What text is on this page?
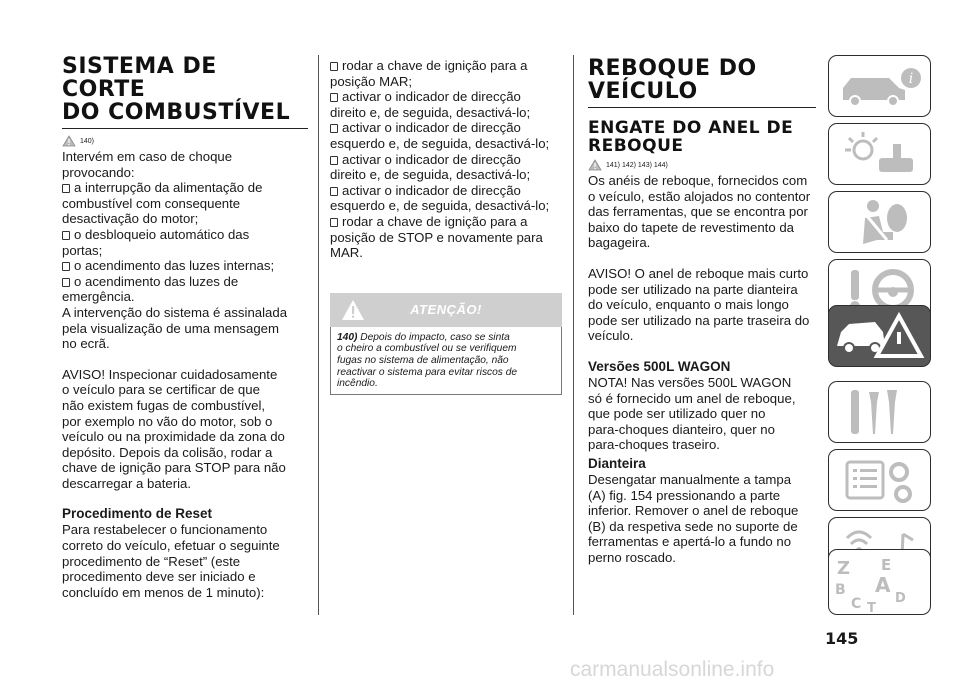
SISTEMA DE CORTE
DO COMBUSTÍVEL
140)

Intervém em caso de choque
provocando:

a interrupção da alimentação de
combustível com consequente
desactivação do motor;
o desbloqueio automático das
portas;
o acendimento das luzes internas;
o acendimento das luzes de
emergência.

A intervenção do sistema é assinalada
pela visualização de uma mensagem
no ecrã.

AVISO! Inspecionar cuidadosamente
o veículo para se certificar de que
não existem fugas de combustível,
por exemplo no vão do motor, sob o
veículo ou na proximidade da zona do
depósito. Depois da colisão, rodar a
chave de ignição para STOP para não
descarregar a bateria.

Procedimento de Reset

Para restabelecer o funcionamento
correto do veículo, efetuar o seguinte
procedimento de “Reset” (este
procedimento deve ser iniciado e
concluído em menos de 1 minuto):

rodar a chave de ignição para a
posição MAR;
activar o indicador de direcção
direito e, de seguida, desactivá-lo;
activar o indicador de direcção
esquerdo e, de seguida, desactivá-lo;
activar o indicador de direcção
direito e, de seguida, desactivá-lo;
activar o indicador de direcção
esquerdo e, de seguida, desactivá-lo;
rodar a chave de ignição para a
posição de STOP e novamente para
MAR.
ATENÇÃO!
140) Depois do impacto, caso se sinta
o cheiro a combustível ou se verifiquem
fugas no sistema de alimentação, não
reactivar o sistema para evitar riscos de
incêndio.
REBOQUE DO
VEÍCULO
ENGATE DO ANEL DE
REBOQUE
141) 142) 143) 144)

Os anéis de reboque, fornecidos com
o veículo, estão alojados no contentor
das ferramentas, que se encontra por
baixo do tapete de revestimento da
bagageira.

AVISO! O anel de reboque mais curto
pode ser utilizado na parte dianteira
do veículo, enquanto o mais longo
pode ser utilizado na parte traseira do
veículo.

Versões 500L WAGON

NOTA! Nas versões 500L WAGON
só é fornecido um anel de reboque,
que pode ser utilizado quer no
para-choques dianteiro, quer no
para-choques traseiro.

Dianteira

Desengatar manualmente a tampa
(A) fig. 154 pressionando a parte
inferior. Remover o anel de reboque
(B) da respetiva sede no suporte de
ferramentas e apertá-lo a fundo no
perno roscado.

145
carmanualsonline.info
i
Z E
B A
C	D
T
